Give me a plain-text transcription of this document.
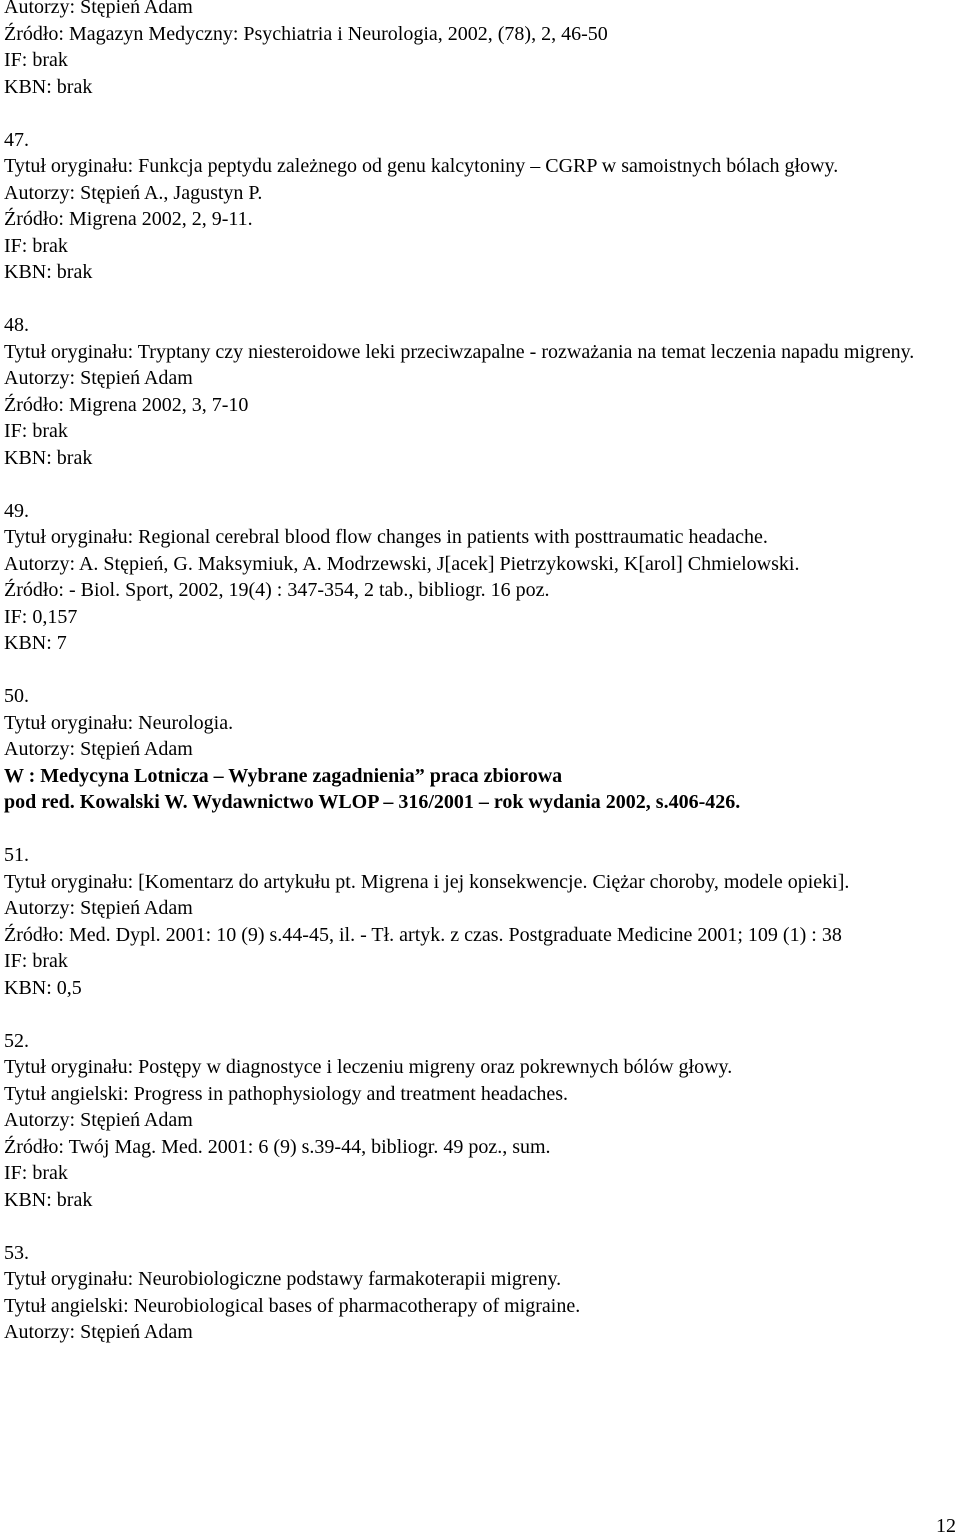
Autorzy: Stępień Adam
Źródło: Magazyn Medyczny: Psychiatria i Neurologia, 2002, (78), 2, 46-50
IF: brak
KBN: brak
47.
Tytuł oryginału: Funkcja peptydu zależnego od genu kalcytoniny – CGRP w samoistnych bólach głowy.
Autorzy: Stępień A., Jagustyn P.
Źródło: Migrena 2002, 2, 9-11.
IF: brak
KBN: brak
48.
Tytuł oryginału: Tryptany czy niesteroidowe leki przeciwzapalne - rozważania na temat leczenia napadu migreny.
Autorzy: Stępień Adam
Źródło: Migrena 2002, 3, 7-10
IF: brak
KBN: brak
49.
Tytuł oryginału: Regional cerebral blood flow changes in patients with posttraumatic headache.
Autorzy: A. Stępień, G. Maksymiuk, A. Modrzewski, J[acek] Pietrzykowski, K[arol] Chmielowski.
Źródło: - Biol. Sport, 2002, 19(4) : 347-354, 2 tab., bibliogr. 16 poz.
IF: 0,157
KBN: 7
50.
Tytuł oryginału: Neurologia.
Autorzy: Stępień Adam
W : Medycyna Lotnicza – Wybrane zagadnienia” praca zbiorowa
pod red. Kowalski W. Wydawnictwo WLOP – 316/2001 – rok wydania 2002, s.406-426.
51.
Tytuł oryginału: [Komentarz do artykułu pt. Migrena i jej konsekwencje. Ciężar choroby, modele opieki].
Autorzy: Stępień Adam
Źródło: Med. Dypl. 2001: 10 (9) s.44-45, il. - Tł. artyk. z czas. Postgraduate Medicine 2001; 109 (1) : 38
IF: brak
KBN: 0,5
52.
Tytuł oryginału: Postępy w diagnostyce i leczeniu migreny oraz pokrewnych bólów głowy.
Tytuł angielski: Progress in pathophysiology and treatment headaches.
Autorzy: Stępień Adam
Źródło: Twój Mag. Med. 2001: 6 (9) s.39-44, bibliogr. 49 poz., sum.
IF: brak
KBN: brak
53.
Tytuł oryginału: Neurobiologiczne podstawy farmakoterapii migreny.
Tytuł angielski: Neurobiological bases of pharmacotherapy of migraine.
Autorzy: Stępień Adam
12
